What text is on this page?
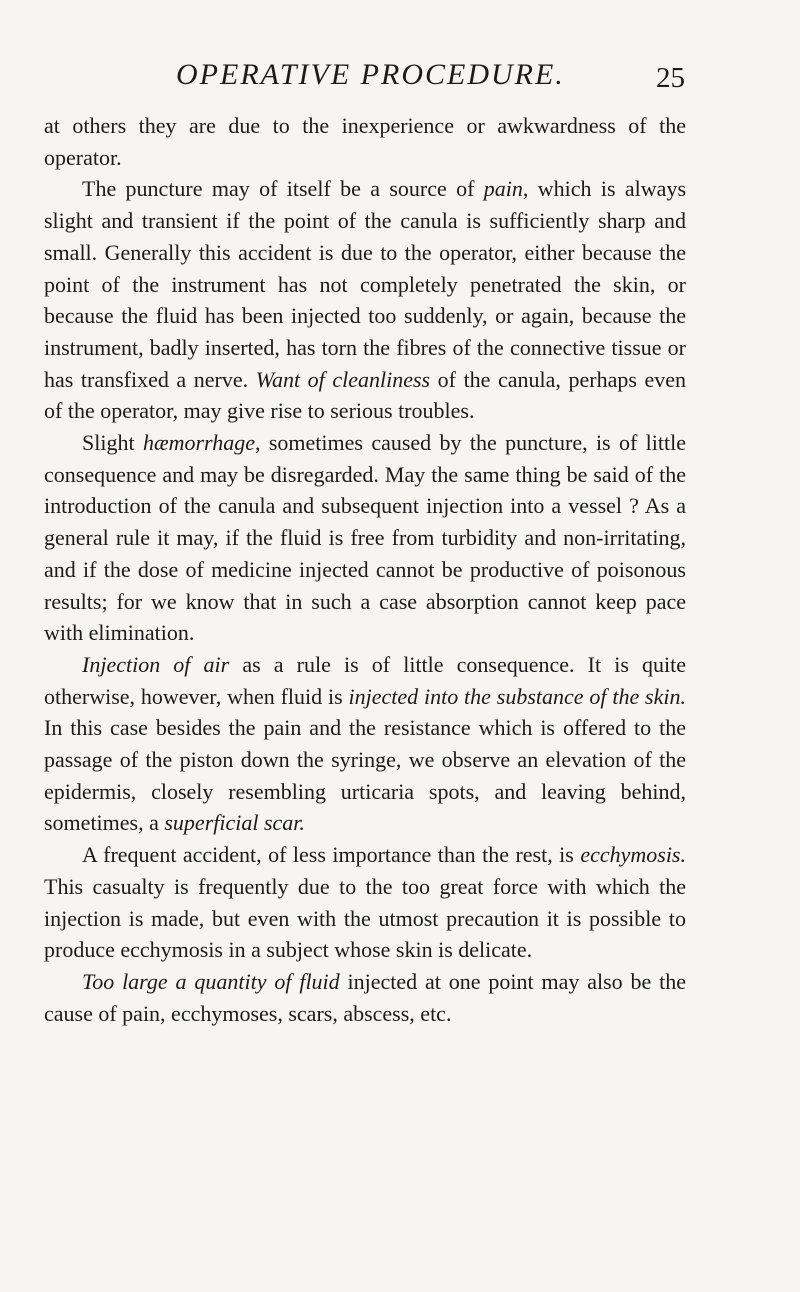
OPERATIVE PROCEDURE.	25

at others they are due to the inexperience or awkwardness of the operator.

The puncture may of itself be a source of pain, which is always slight and transient if the point of the canula is sufficiently sharp and small. Generally this accident is due to the operator, either because the point of the instrument has not completely penetrated the skin, or because the fluid has been injected too suddenly, or again, because the instrument, badly inserted, has torn the fibres of the connective tissue or has transfixed a nerve. Want of cleanliness of the canula, perhaps even of the operator, may give rise to serious troubles.

Slight hæmorrhage, sometimes caused by the puncture, is of little consequence and may be disregarded. May the same thing be said of the introduction of the canula and subsequent injection into a vessel ? As a general rule it may, if the fluid is free from turbidity and non-irritating, and if the dose of medicine injected cannot be productive of poisonous results; for we know that in such a case absorption cannot keep pace with elimination.

Injection of air as a rule is of little consequence. It is quite otherwise, however, when fluid is injected into the substance of the skin. In this case besides the pain and the resistance which is offered to the passage of the piston down the syringe, we observe an elevation of the epidermis, closely resembling urticaria spots, and leaving behind, sometimes, a superficial scar.

A frequent accident, of less importance than the rest, is ecchymosis. This casualty is frequently due to the too great force with which the injection is made, but even with the utmost precaution it is possible to produce ecchymosis in a subject whose skin is delicate.

Too large a quantity of fluid injected at one point may also be the cause of pain, ecchymoses, scars, abscess, etc.
